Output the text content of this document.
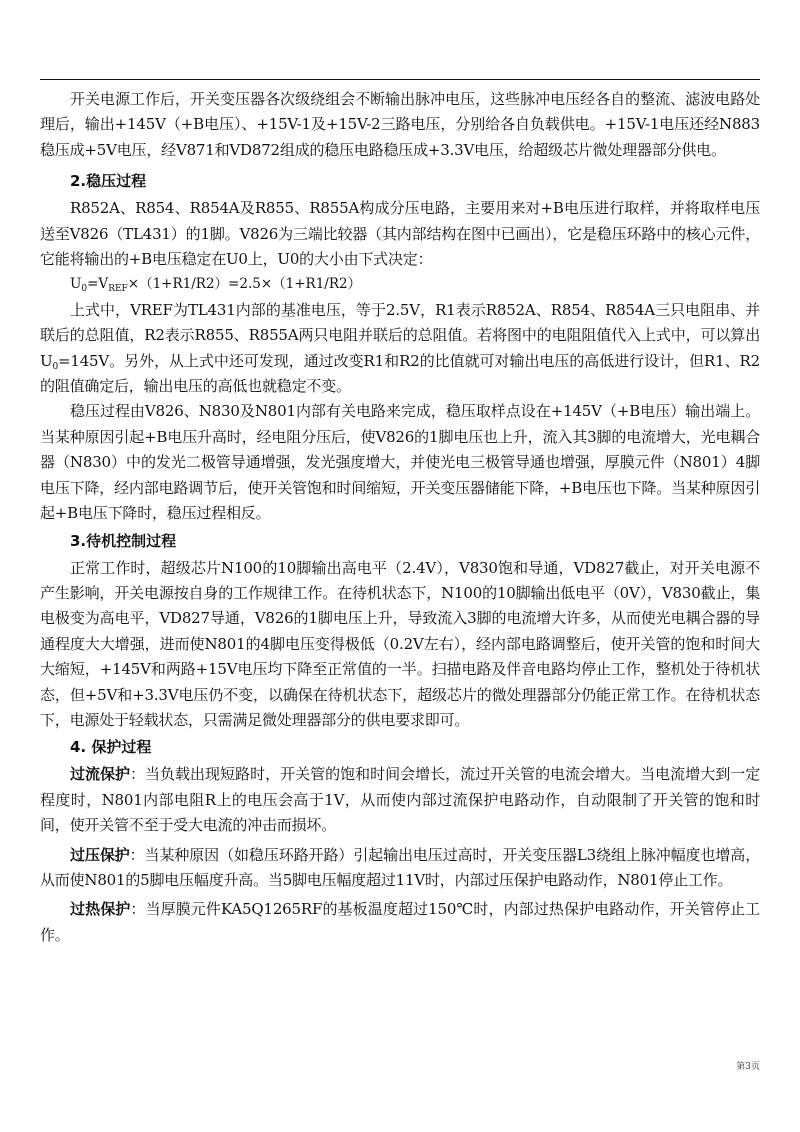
开关电源工作后，开关变压器各次级绕组会不断输出脉冲电压，这些脉冲电压经各自的整流、滤波电路处理后，输出+145V（+B电压）、+15V-1及+15V-2三路电压，分别给各自负载供电。+15V-1电压还经N883稳压成+5V电压，经V871和VD872组成的稳压电路稳压成+3.3V电压，给超级芯片微处理器部分供电。

2.稳压过程

R852A、R854、R854A及R855、R855A构成分压电路，主要用来对+B电压进行取样，并将取样电压送至V826（TL431）的1脚。V826为三端比较器（其内部结构在图中已画出），它是稳压环路中的核心元件，它能将输出的+B电压稳定在U0上，U0的大小由下式决定：

$U_0=V_{REF}\times(1+R1/R2)=2.5\times(1+R1/R2)$

上式中，VREF为TL431内部的基准电压，等于2.5V，R1表示R852A、R854、R854A三只电阻串、并联后的总阻值，R2表示R855、R855A两只电阻并联后的总阻值。若将图中的电阻阻值代入上式中，可以算出$U_0=145V$。另外，从上式中还可发现，通过改变R1和R2的比值就可对输出电压的高低进行设计，但R1、R2的阻值确定后，输出电压的高低也就稳定不变。

稳压过程由V826、N830及N801内部有关电路来完成，稳压取样点设在+145V（+B电压）输出端上。当某种原因引起+B电压升高时，经电阻分压后，使V826的1脚电压也上升，流入其3脚的电流增大，光电耦合器（N830）中的发光二极管导通增强，发光强度增大，并使光电三极管导通也增强，厚膜元件（N801）4脚电压下降，经内部电路调节后，使开关管饱和时间缩短，开关变压器储能下降，+B电压也下降。当某种原因引起+B电压下降时，稳压过程相反。

3.待机控制过程

正常工作时，超级芯片N100的10脚输出高电平（2.4V），V830饱和导通，VD827截止，对开关电源不产生影响，开关电源按自身的工作规律工作。在待机状态下，N100的10脚输出低电平（0V），V830截止，集电极变为高电平，VD827导通，V826的1脚电压上升，导致流入3脚的电流增大许多，从而使光电耦合器的导通程度大大增强，进而使N801的4脚电压变得极低（0.2V左右），经内部电路调整后，使开关管的饱和时间大大缩短，+145V和两路+15V电压均下降至正常值的一半。扫描电路及伴音电路均停止工作，整机处于待机状态，但+5V和+3.3V电压仍不变，以确保在待机状态下，超级芯片的微处理器部分仍能正常工作。在待机状态下，电源处于轻载状态，只需满足微处理器部分的供电要求即可。

4. 保护过程

过流保护：当负载出现短路时，开关管的饱和时间会增长，流过开关管的电流会增大。当电流增大到一定程度时，N801内部电阻R上的电压会高于1V，从而使内部过流保护电路动作，自动限制了开关管的饱和时间，使开关管不至于受大电流的冲击而损坏。

过压保护：当某种原因（如稳压环路开路）引起输出电压过高时，开关变压器L3绕组上脉冲幅度也增高，从而使N801的5脚电压幅度升高。当5脚电压幅度超过11V时，内部过压保护电路动作，N801停止工作。

过热保护：当厚膜元件KA5Q1265RF的基板温度超过150℃时，内部过热保护电路动作，开关管停止工作。

第3页
